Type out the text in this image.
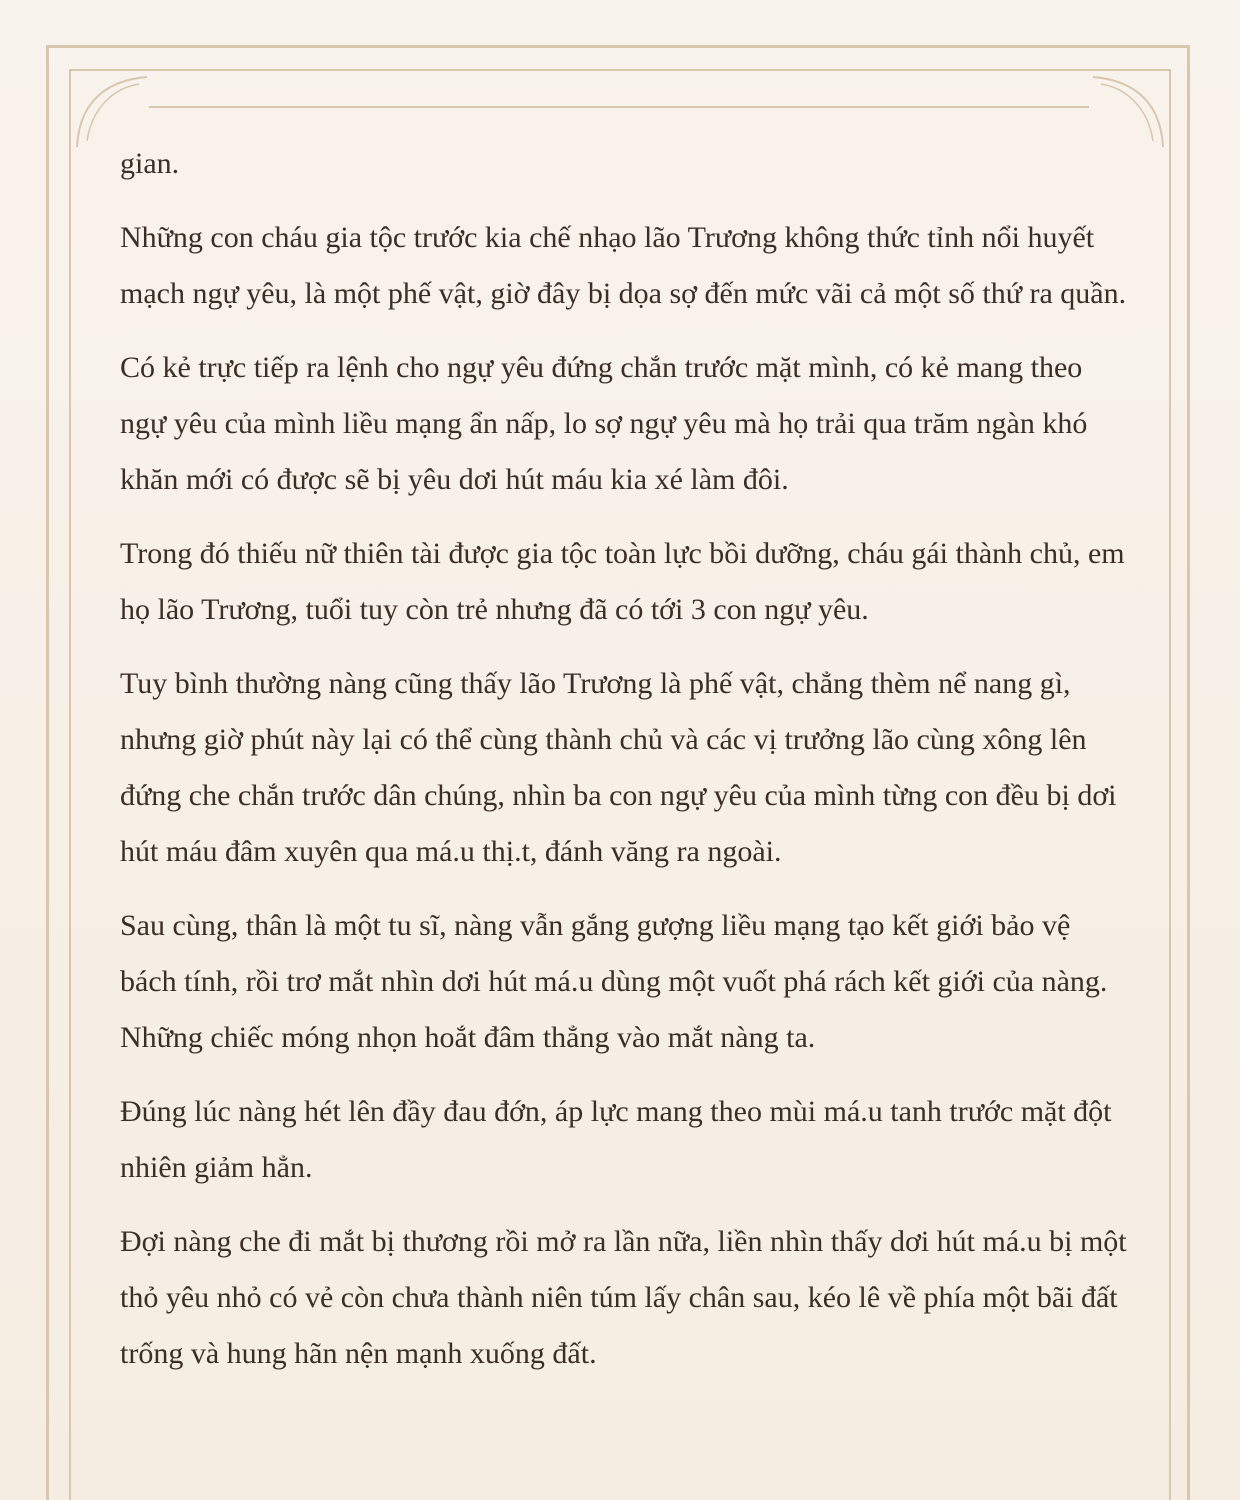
gian.

Những con cháu gia tộc trước kia chế nhạo lão Trương không thức tỉnh nổi huyết mạch ngự yêu, là một phế vật, giờ đây bị dọa sợ đến mức vãi cả một số thứ ra quần.

Có kẻ trực tiếp ra lệnh cho ngự yêu đứng chắn trước mặt mình, có kẻ mang theo ngự yêu của mình liều mạng ẩn nấp, lo sợ ngự yêu mà họ trải qua trăm ngàn khó khăn mới có được sẽ bị yêu dơi hút máu kia xé làm đôi.

Trong đó thiếu nữ thiên tài được gia tộc toàn lực bồi dưỡng, cháu gái thành chủ, em họ lão Trương, tuổi tuy còn trẻ nhưng đã có tới 3 con ngự yêu.

Tuy bình thường nàng cũng thấy lão Trương là phế vật, chẳng thèm nể nang gì, nhưng giờ phút này lại có thể cùng thành chủ và các vị trưởng lão cùng xông lên đứng che chắn trước dân chúng, nhìn ba con ngự yêu của mình từng con đều bị dơi hút máu đâm xuyên qua má.u thị.t, đánh văng ra ngoài.

Sau cùng, thân là một tu sĩ, nàng vẫn gắng gượng liều mạng tạo kết giới bảo vệ bách tính, rồi trơ mắt nhìn dơi hút má.u dùng một vuốt phá rách kết giới của nàng. Những chiếc móng nhọn hoắt đâm thẳng vào mắt nàng ta.

Đúng lúc nàng hét lên đầy đau đớn, áp lực mang theo mùi má.u tanh trước mặt đột nhiên giảm hẳn.

Đợi nàng che đi mắt bị thương rồi mở ra lần nữa, liền nhìn thấy dơi hút má.u bị một thỏ yêu nhỏ có vẻ còn chưa thành niên túm lấy chân sau, kéo lê về phía một bãi đất trống và hung hãn nện mạnh xuống đất.
